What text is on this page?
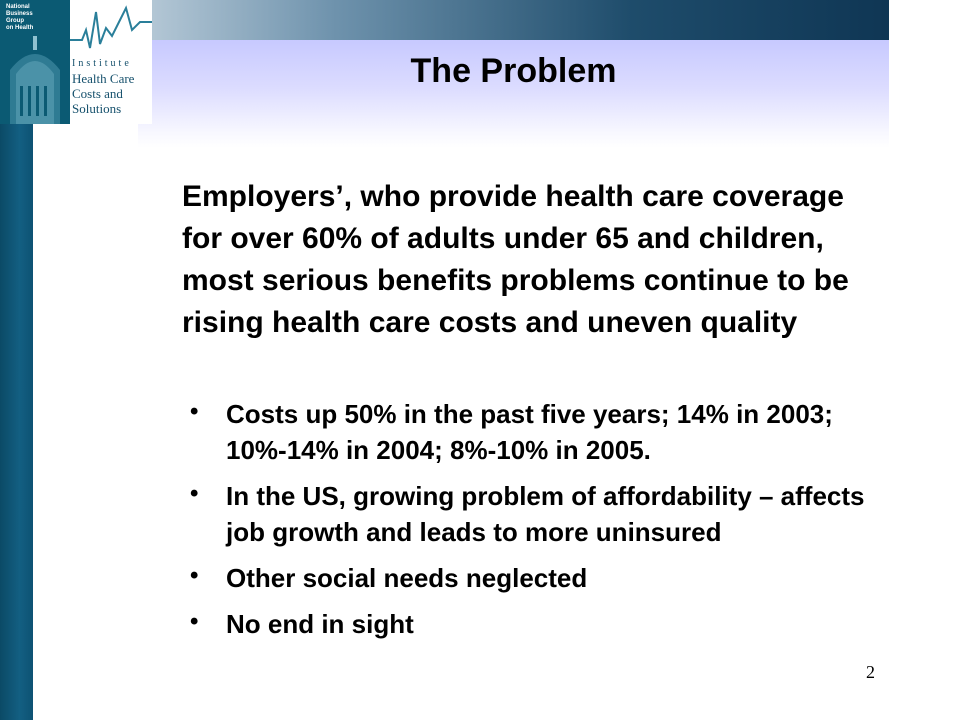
National
Business
Group
on Health
Institute
Health Care
Costs and
Solutions
The Problem
Employers’, who provide health care coverage for over 60% of adults under 65 and children, most serious benefits problems continue to be rising health care costs and uneven quality
• Costs up 50% in the past five years; 14% in 2003; 10%-14% in 2004; 8%-10% in 2005.
• In the US, growing problem of affordability – affects job growth and leads to more uninsured
• Other social needs neglected
• No end in sight
2
